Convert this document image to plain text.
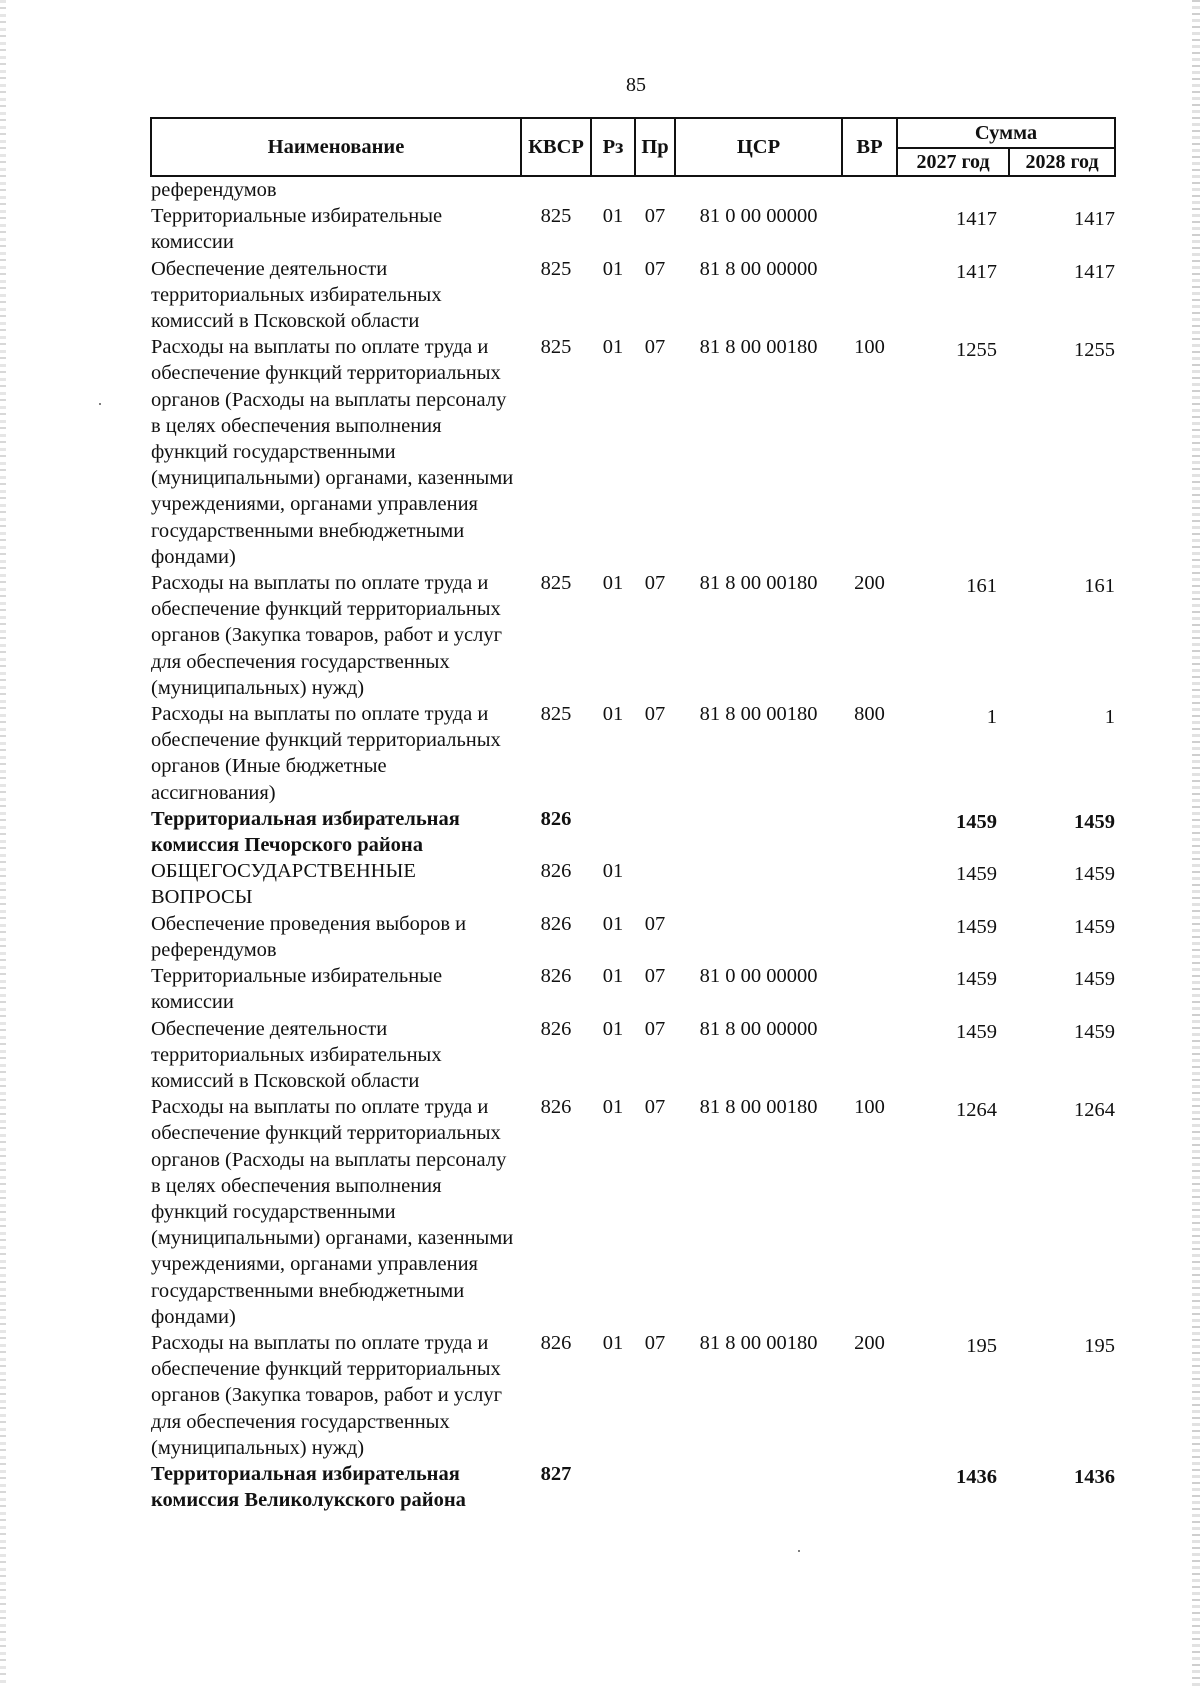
85
Наименование	КВСР	Рз	Пр	ЦСР	ВР	Сумма	
						2027 год	2028 год
референдумов							
Территориальные избирательные комиссии	825	01	07	81 0 00 00000		1417	1417
Обеспечение деятельности территориальных избирательных комиссий в Псковской области	825	01	07	81 8 00 00000		1417	1417
Расходы на выплаты по оплате труда и обеспечение функций территориальных органов (Расходы на выплаты персоналу в целях обеспечения выполнения функций государственными (муниципальными) органами, казенными учреждениями, органами управления государственными внебюджетными фондами)	825	01	07	81 8 00 00180	100	1255	1255
Расходы на выплаты по оплате труда и обеспечение функций территориальных органов (Закупка товаров, работ и услуг для обеспечения государственных (муниципальных) нужд)	825	01	07	81 8 00 00180	200	161	161
Расходы на выплаты по оплате труда и обеспечение функций территориальных органов (Иные бюджетные ассигнования)	825	01	07	81 8 00 00180	800	1	1
Территориальная избирательная комиссия Печорского района	826					1459	1459
ОБЩЕГОСУДАРСТВЕННЫЕ ВОПРОСЫ	826	01				1459	1459
Обеспечение проведения выборов и референдумов	826	01	07			1459	1459
Территориальные избирательные комиссии	826	01	07	81 0 00 00000		1459	1459
Обеспечение деятельности территориальных избирательных комиссий в Псковской области	826	01	07	81 8 00 00000		1459	1459
Расходы на выплаты по оплате труда и обеспечение функций территориальных органов (Расходы на выплаты персоналу в целях обеспечения выполнения функций государственными (муниципальными) органами, казенными учреждениями, органами управления государственными внебюджетными фондами)	826	01	07	81 8 00 00180	100	1264	1264
Расходы на выплаты по оплате труда и обеспечение функций территориальных органов (Закупка товаров, работ и услуг для обеспечения государственных (муниципальных) нужд)	826	01	07	81 8 00 00180	200	195	195
Территориальная избирательная комиссия Великолукского района	827					1436	1436
